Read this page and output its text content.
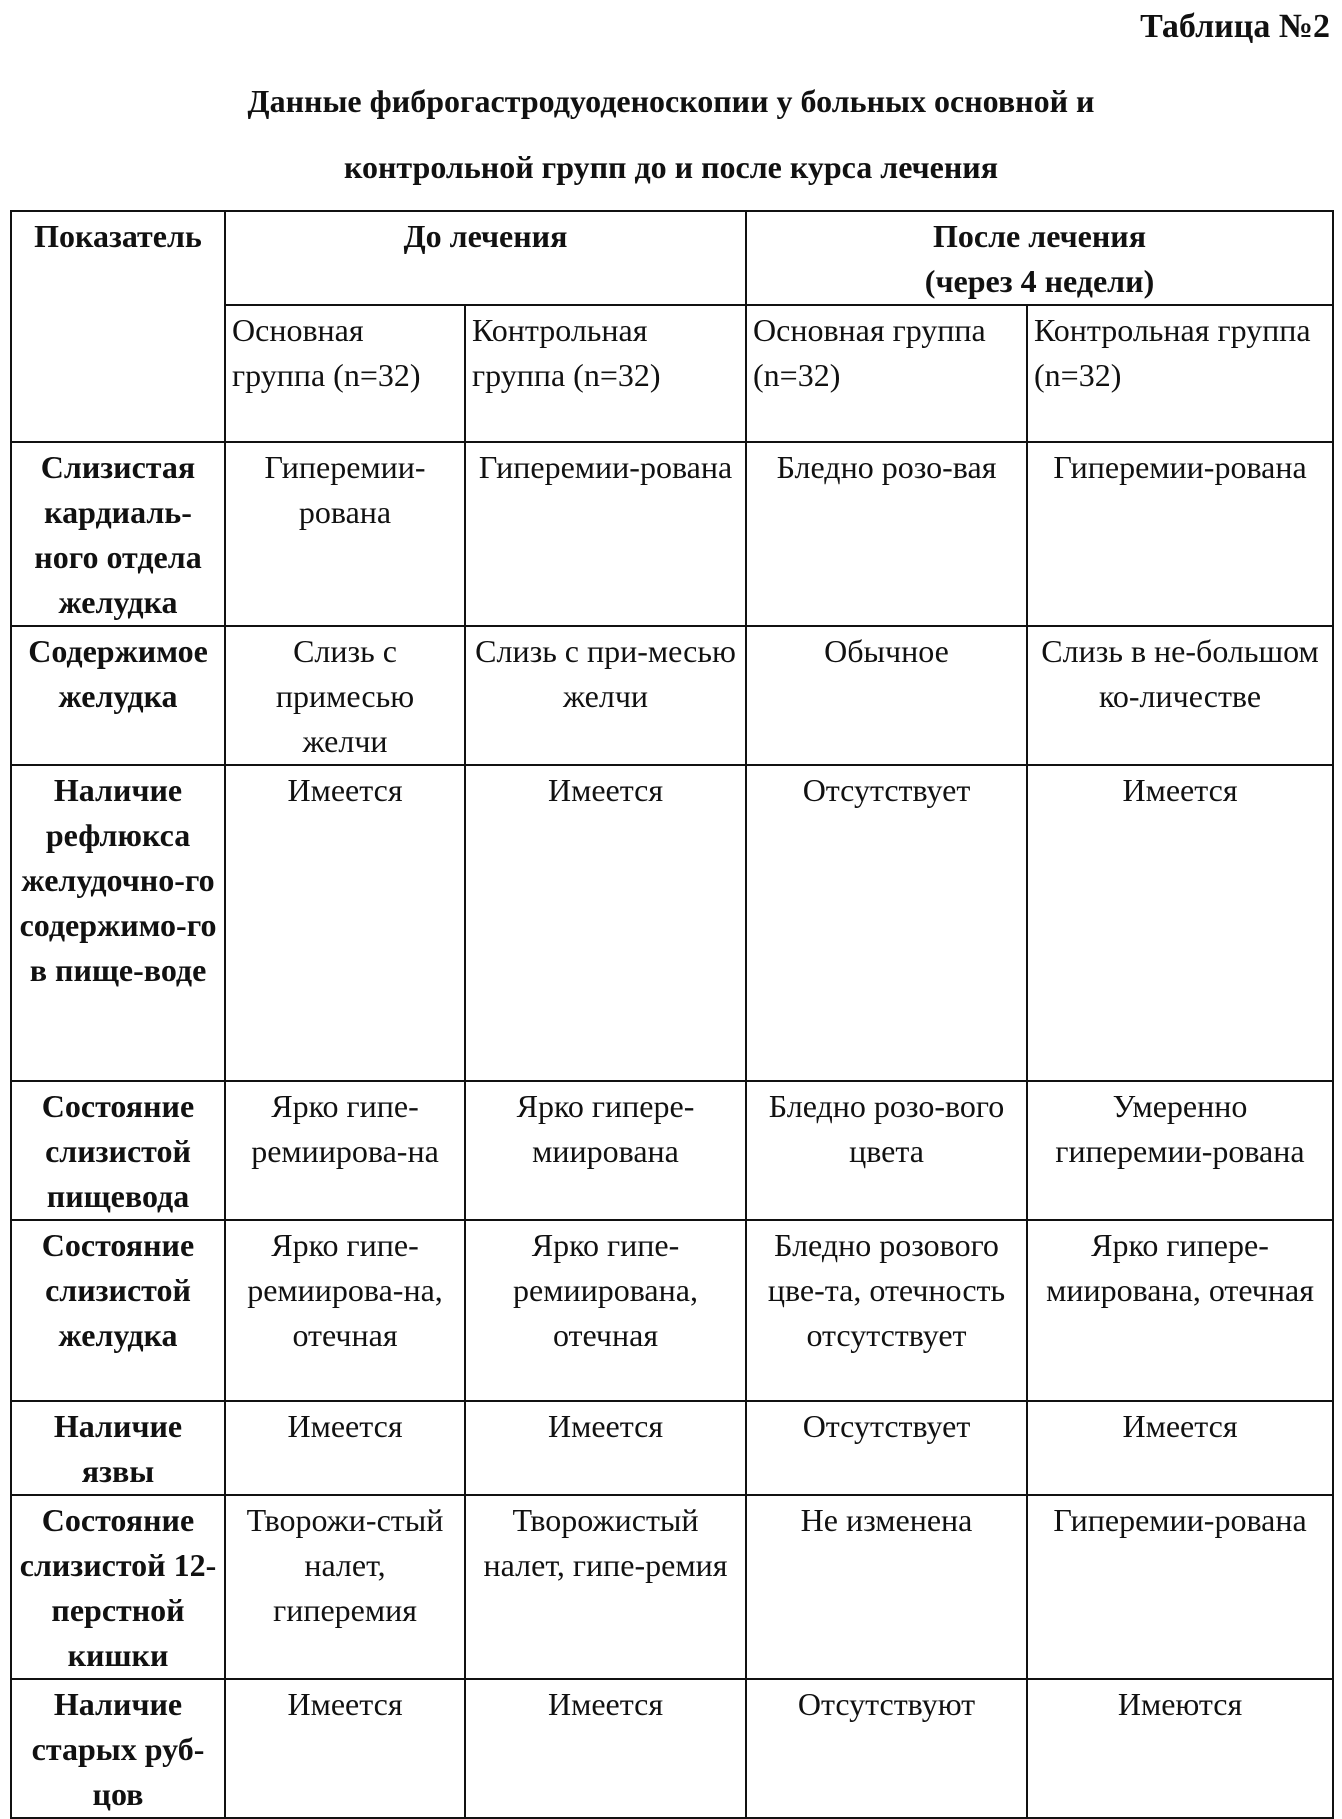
Таблица №2
Данные фиброгастродуоденоскопии у больных основной и
контрольной групп до и после курса лечения
Показатель	До лечения		После лечения
(через 4 недели)	

	Основная группа (n=32)	Контрольная группа (n=32)	Основная группа (n=32)	Контрольная группа (n=32)
Слизистая кардиаль-ного отдела желудка	Гиперемии-рована	Гиперемии-рована	Бледно розо-вая	Гиперемии-рована
Содержимое желудка	Слизь с примесью желчи	Слизь с при-месью желчи	Обычное	Слизь в не-большом ко-личестве
Наличие рефлюкса желудочно-го содержимо-го в пище-воде	Имеется	Имеется	Отсутствует	Имеется
Состояние слизистой пищевода	Ярко гипе-ремиирова-на	Ярко гипере-миирована	Бледно розо-вого цвета	Умеренно гиперемии-рована
Состояние слизистой желудка	Ярко гипе-ремиирова-на, отечная	Ярко гипе-ремиирована, отечная	Бледно розового цве-та, отечность отсутствует	Ярко гипере-миирована, отечная
Наличие язвы	Имеется	Имеется	Отсутствует	Имеется
Состояние слизистой 12-перстной кишки	Творожи-стый налет, гиперемия	Творожистый налет, гипе-ремия	Не изменена	Гиперемии-рована
Наличие старых руб-цов	Имеется	Имеется	Отсутствуют	Имеются
